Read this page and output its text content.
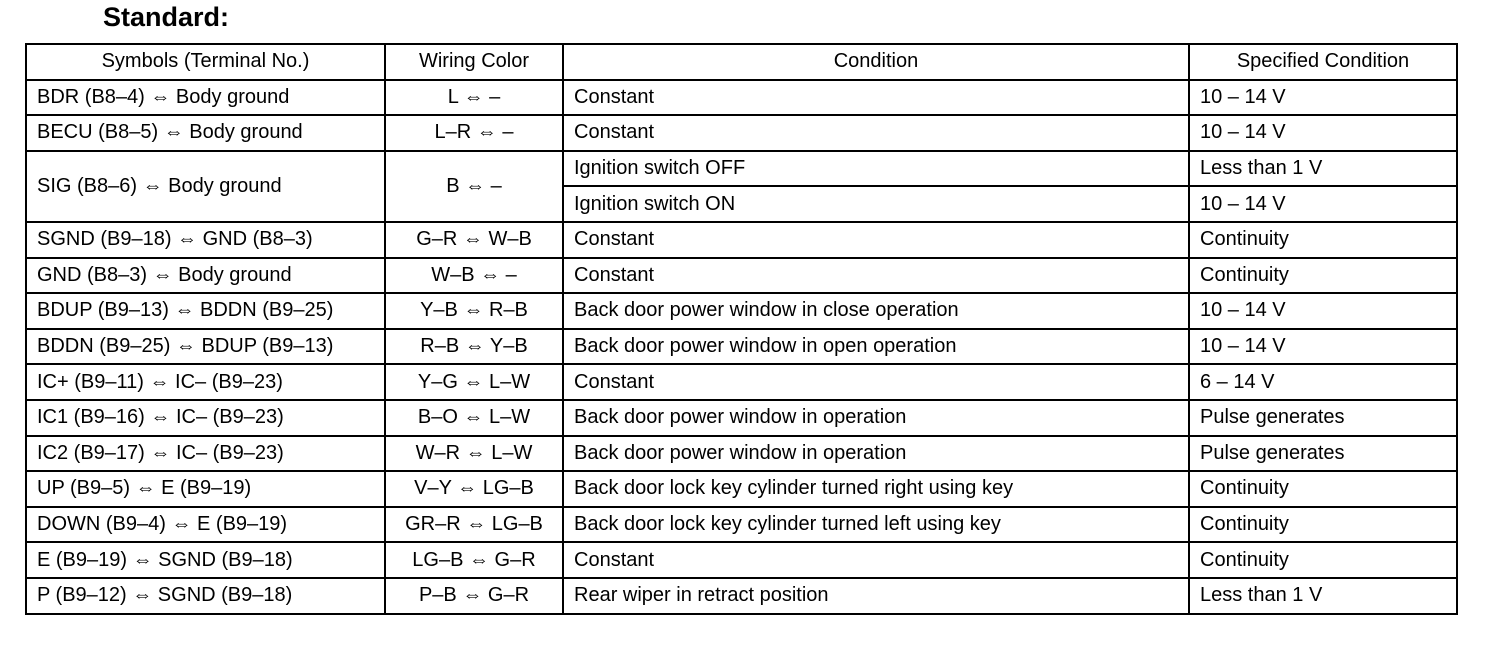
Standard:
Symbols (Terminal No.)	Wiring Color	Condition	Specified Condition
BDR (B8–4) ⇔ Body ground	L ⇔ –	Constant	10 – 14 V
BECU (B8–5) ⇔ Body ground	L–R ⇔ –	Constant	10 – 14 V
SIG (B8–6) ⇔ Body ground	B ⇔ –	Ignition switch OFF	Less than 1 V
		Ignition switch ON	10 – 14 V
SGND (B9–18) ⇔ GND (B8–3)	G–R ⇔ W–B	Constant	Continuity
GND (B8–3) ⇔ Body ground	W–B ⇔ –	Constant	Continuity
BDUP (B9–13) ⇔ BDDN (B9–25)	Y–B ⇔ R–B	Back door power window in close operation	10 – 14 V
BDDN (B9–25) ⇔ BDUP (B9–13)	R–B ⇔ Y–B	Back door power window in open operation	10 – 14 V
IC+ (B9–11) ⇔ IC– (B9–23)	Y–G ⇔ L–W	Constant	6 – 14 V
IC1 (B9–16) ⇔ IC– (B9–23)	B–O ⇔ L–W	Back door power window in operation	Pulse generates
IC2 (B9–17) ⇔ IC– (B9–23)	W–R ⇔ L–W	Back door power window in operation	Pulse generates
UP (B9–5) ⇔ E (B9–19)	V–Y ⇔ LG–B	Back door lock key cylinder turned right using key	Continuity
DOWN (B9–4) ⇔ E (B9–19)	GR–R ⇔ LG–B	Back door lock key cylinder turned left using key	Continuity
E (B9–19) ⇔ SGND (B9–18)	LG–B ⇔ G–R	Constant	Continuity
P (B9–12) ⇔ SGND (B9–18)	P–B ⇔ G–R	Rear wiper in retract position	Less than 1 V
